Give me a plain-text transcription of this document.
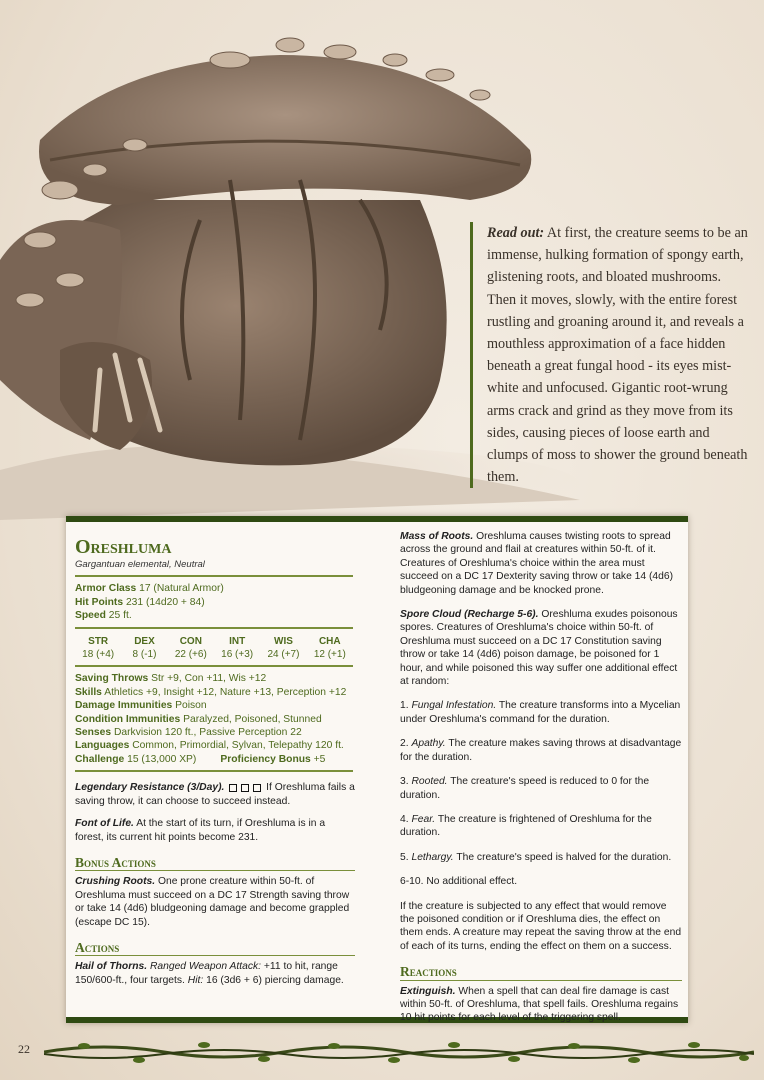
Read out: At first, the creature seems to be an immense, hulking formation of spongy earth, glistening roots, and bloated mushrooms. Then it moves, slowly, with the entire forest rustling and groaning around it, and reveals a mouthless approximation of a face hidden beneath a great fungal hood - its eyes mist-white and unfocused. Gigantic root-wrung arms crack and grind as they move from its sides, causing pieces of loose earth and clumps of moss to shower the ground beneath them.
Oreshluma
Gargantuan elemental, Neutral

Armor Class 17 (Natural Armor)

Hit Points 231 (14d20 + 84)

Speed 25 ft.

STR
18 (+4)
DEX
8 (-1)
CON
22 (+6)
INT
16 (+3)
WIS
24 (+7)
CHA
12 (+1)

Saving Throws Str +9, Con +11, Wis +12

Skills Athletics +9, Insight +12, Nature +13, Perception +12

Damage Immunities Poison

Condition Immunities Paralyzed, Poisoned, Stunned

Senses Darkvision 120 ft., Passive Perception 22

Languages Common, Primordial, Sylvan, Telepathy 120 ft.

Challenge 15 (13,000 XP) Proficiency Bonus +5

Legendary Resistance (3/Day).	If Oreshluma fails a saving throw, it can choose to succeed instead.

Font of Life. At the start of its turn, if Oreshluma is in a forest, its current hit points become 231.

Bonus Actions

Crushing Roots. One prone creature within 50-ft. of Oreshluma must succeed on a DC 17 Strength saving throw or take 14 (4d6) bludgeoning damage and become grappled (escape DC 15).

Actions

Hail of Thorns. Ranged Weapon Attack: +11 to hit, range 150/600-ft., four targets. Hit: 16 (3d6 + 6) piercing damage.

Mass of Roots. Oreshluma causes twisting roots to spread across the ground and flail at creatures within 50-ft. of it. Creatures of Oreshluma's choice within the area must succeed on a DC 17 Dexterity saving throw or take 14 (4d6) bludgeoning damage and be knocked prone.

Spore Cloud (Recharge 5-6). Oreshluma exudes poisonous spores. Creatures of Oreshluma's choice within 50-ft. of Oreshluma must succeed on a DC 17 Constitution saving throw or take 14 (4d6) poison damage, be poisoned for 1 hour, and while poisoned this way suffer one additional effect at random:

1. Fungal Infestation. The creature transforms into a Mycelian under Oreshluma's command for the duration.

2. Apathy. The creature makes saving throws at disadvantage for the duration.

3. Rooted. The creature's speed is reduced to 0 for the duration.

4. Fear. The creature is frightened of Oreshluma for the duration.

5. Lethargy. The creature's speed is halved for the duration.

6-10. No additional effect.

If the creature is subjected to any effect that would remove the poisoned condition or if Oreshluma dies, the effect on them ends. A creature may repeat the saving throw at the end of each of its turns, ending the effect on them on a success.

Reactions

Extinguish. When a spell that can deal fire damage is cast within 50-ft. of Oreshluma, that spell fails. Oreshluma regains 10 hit points for each level of the triggering spell.

22
